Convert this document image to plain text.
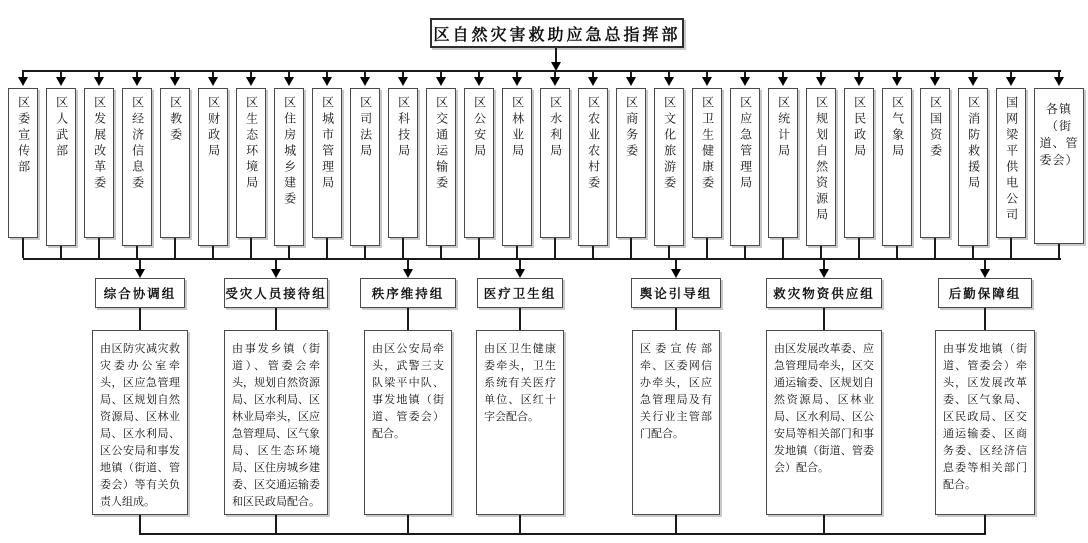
区自然灾害救助应急总指挥部
区委宣传部 区人武部 区发展改革委 区经济信息委 区教委 区财政局 区生态环境局 区住房城乡建委 区城市管理局 区司法局 区科技局 区交通运输委 区公安局 区林业局 区水利局 区农业农村委 区商务委 区文化旅游委 区卫生健康委 区应急管理局 区统计局 区规划自然资源局 区民政局 区气象局 区国资委 区消防救援局 国网梁平供电公司	各镇（街道、管委会）
综合协调组
由区防灾减灾救灾委办公室牵头，区应急管理局、区规划自然资源局、区林业局、区水利局、区公安局和事发地镇（街道、管委会）等有关负责人组成。
受灾人员接待组
由事发乡镇（街道）、管委会牵头，规划自然资源局、区水利局、区林业局牵头，区应急管理局、区气象局、区生态环境局、区住房城乡建委、区交通运输委和区民政局配合。
秩序维持组
由区公安局牵头，武警三支队梁平中队、事发地镇（街道、管委会）配合。
医疗卫生组
由区卫生健康委牵头，卫生系统有关医疗单位、区红十字会配合。
舆论引导组
区委宣传部牵、区委网信办牵头，区应急管理局及有关行业主管部门配合。
救灾物资供应组
由区发展改革委、应急管理局牵头，区交通运输委、区规划自然资源局、区林业局、区水利局、区公安局等相关部门和事发地镇（街道、管委会）配合。
后勤保障组
由事发地镇（街道、管委会）牵头，区发展改革委、区气象局、区民政局、区交通运输委、区商务委、区经济信息委等相关部门配合。
